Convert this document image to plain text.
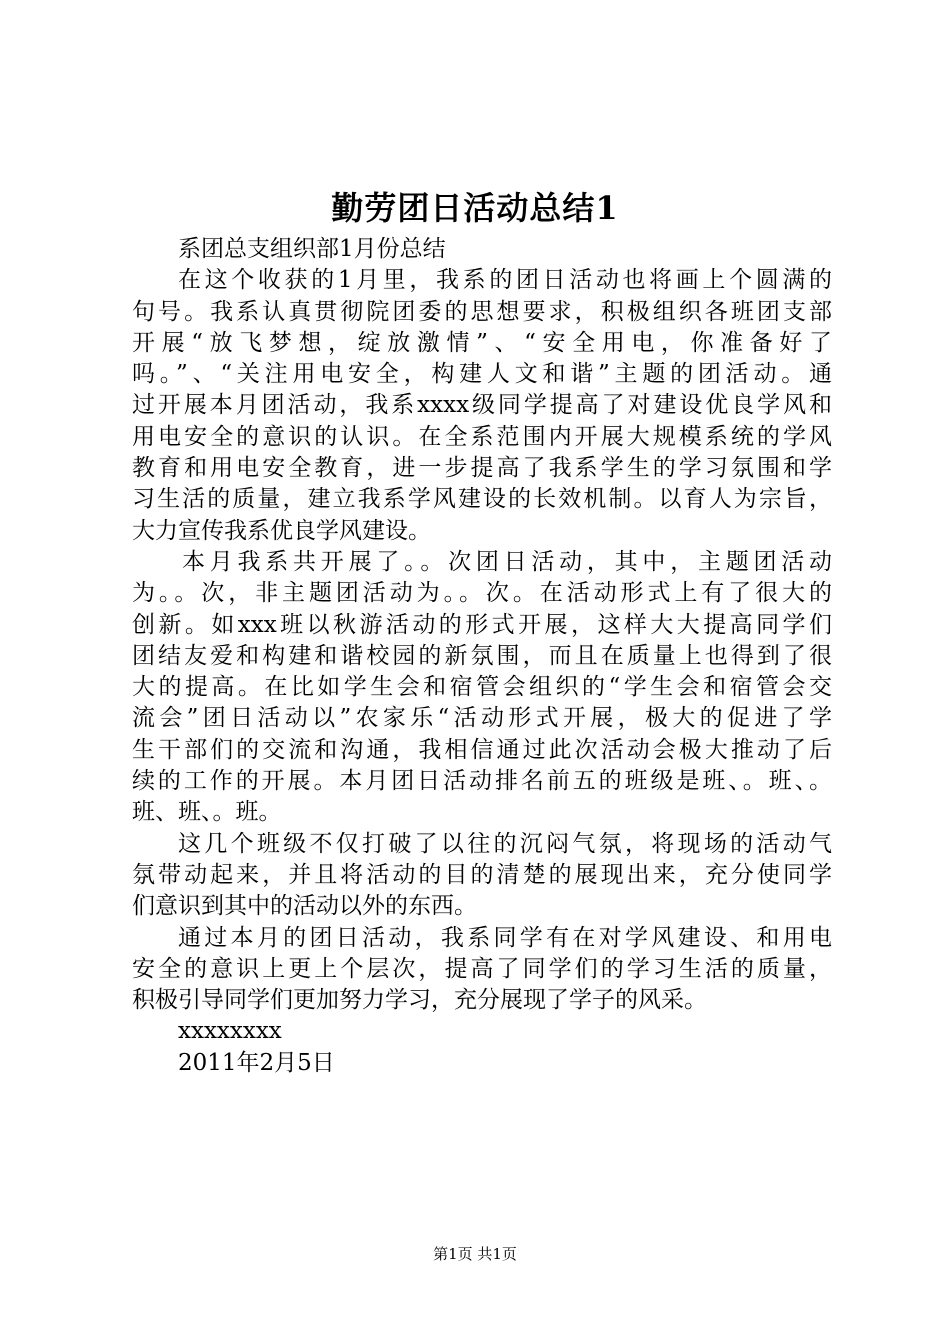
勤劳团日活动总结1
系团总支组织部1月份总结
在这个收获的1月里，我系的团日活动也将画上个圆满的
句号。我系认真贯彻院团委的思想要求，积极组织各班团支部
开展“放飞梦想，绽放激情”、“安全用电，你准备好了
吗。”、“关注用电安全，构建人文和谐”主题的团活动。通
过开展本月团活动，我系xxxx级同学提高了对建设优良学风和
用电安全的意识的认识。在全系范围内开展大规模系统的学风
教育和用电安全教育，进一步提高了我系学生的学习氛围和学
习生活的质量，建立我系学风建设的长效机制。以育人为宗旨，
大力宣传我系优良学风建设。
本月我系共开展了。。次团日活动，其中，主题团活动
为。。次，非主题团活动为。。次。在活动形式上有了很大的
创新。如xxx班以秋游活动的形式开展，这样大大提高同学们
团结友爱和构建和谐校园的新氛围，而且在质量上也得到了很
大的提高。在比如学生会和宿管会组织的“学生会和宿管会交
流会”团日活动以”农家乐“活动形式开展，极大的促进了学
生干部们的交流和沟通，我相信通过此次活动会极大推动了后
续的工作的开展。本月团日活动排名前五的班级是班、。班、。
班、班、。班。
这几个班级不仅打破了以往的沉闷气氛，将现场的活动气
氛带动起来，并且将活动的目的清楚的展现出来，充分使同学
们意识到其中的活动以外的东西。
通过本月的团日活动，我系同学有在对学风建设、和用电
安全的意识上更上个层次，提高了同学们的学习生活的质量，
积极引导同学们更加努力学习，充分展现了学子的风采。
xxxxxxxx
2011年2月5日
第1页 共1页
